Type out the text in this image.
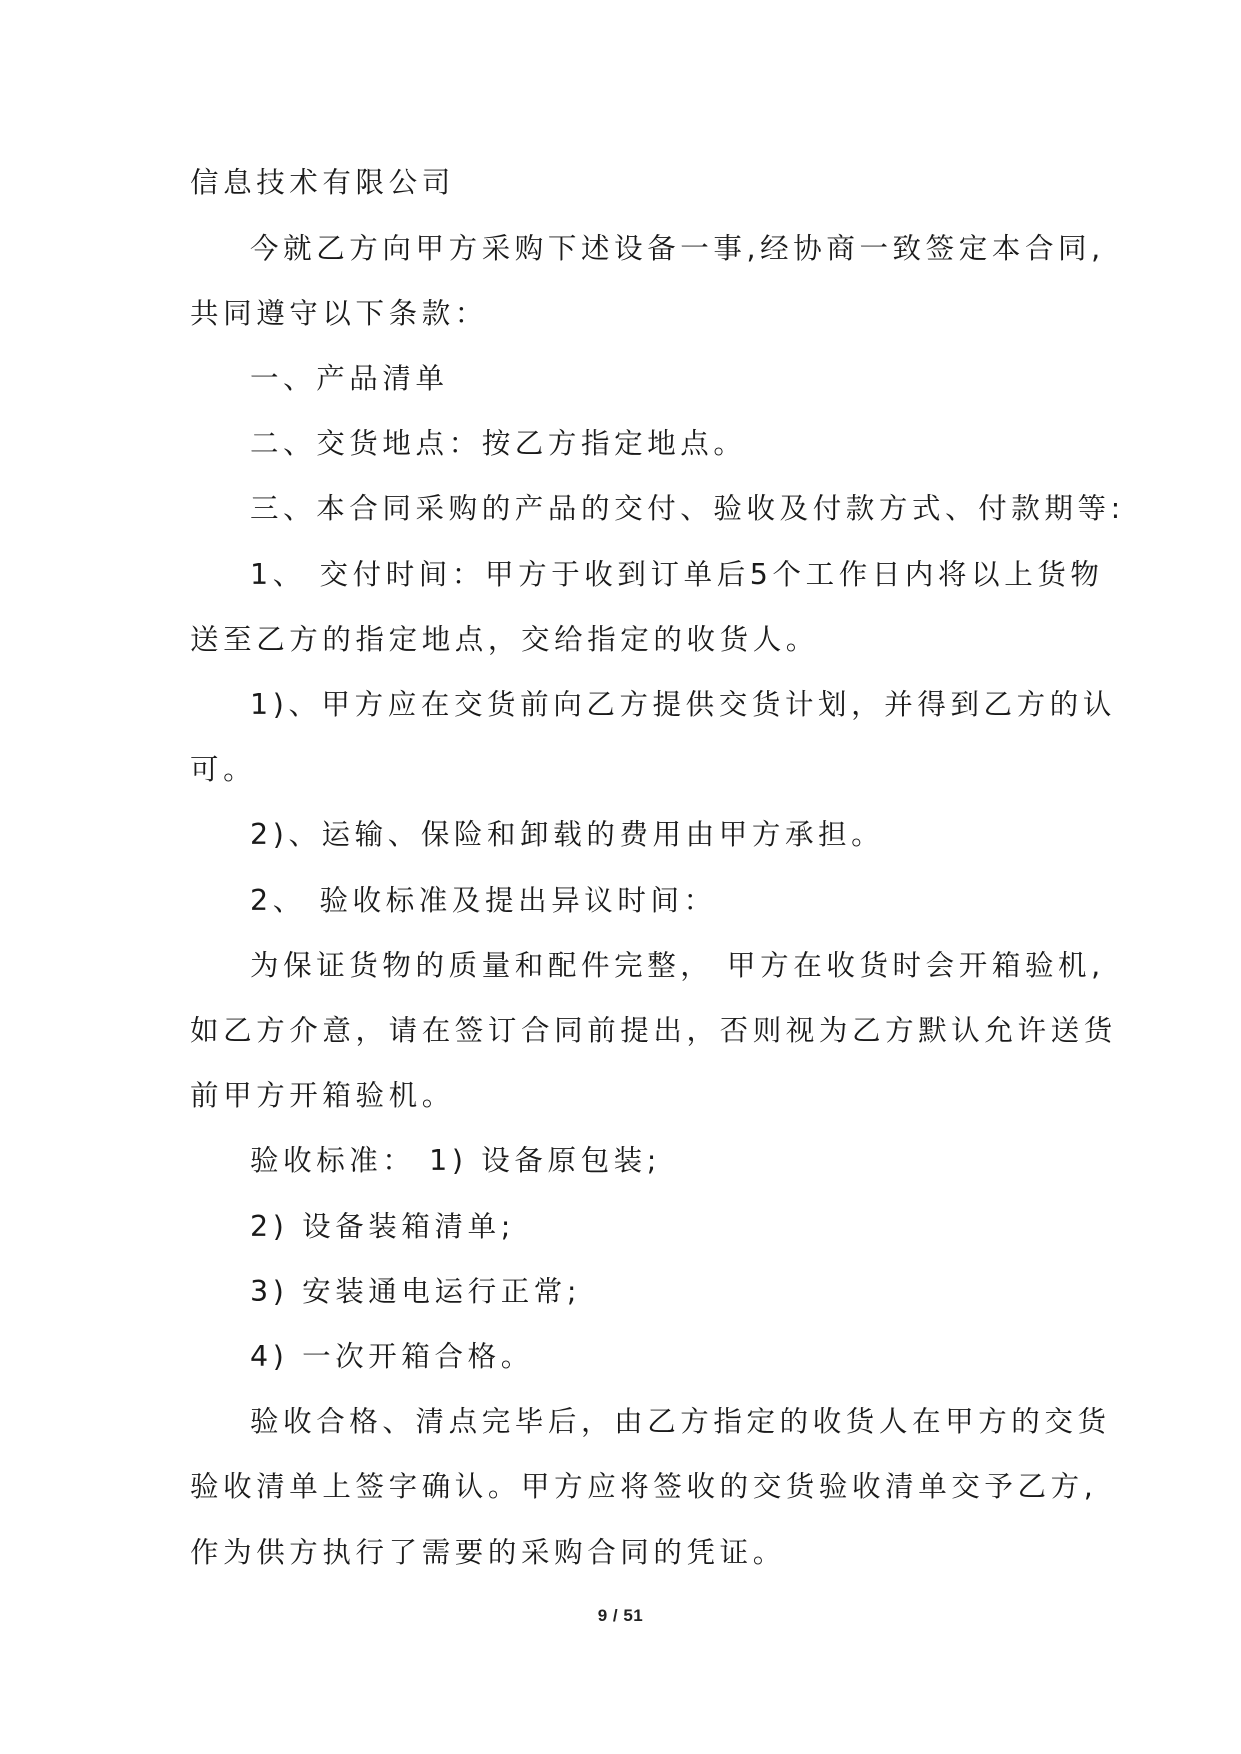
信息技术有限公司
今就乙方向甲方采购下述设备一事,经协商一致签定本合同,
共同遵守以下条款：
一、产品清单
二、交货地点：按乙方指定地点。
三、本合同采购的产品的交付、验收及付款方式、付款期等:
1、 交付时间：甲方于收到订单后5个工作日内将以上货物
送至乙方的指定地点，交给指定的收货人。
1)、甲方应在交货前向乙方提供交货计划，并得到乙方的认
可。
2)、运输、保险和卸载的费用由甲方承担。
2、 验收标准及提出异议时间：
为保证货物的质量和配件完整， 甲方在收货时会开箱验机,
如乙方介意，请在签订合同前提出，否则视为乙方默认允许送货
前甲方开箱验机。
验收标准： 1) 设备原包装;
2) 设备装箱清单;
3) 安装通电运行正常;
4) 一次开箱合格。
验收合格、清点完毕后，由乙方指定的收货人在甲方的交货
验收清单上签字确认。甲方应将签收的交货验收清单交予乙方,
作为供方执行了需要的采购合同的凭证。
9 / 51
